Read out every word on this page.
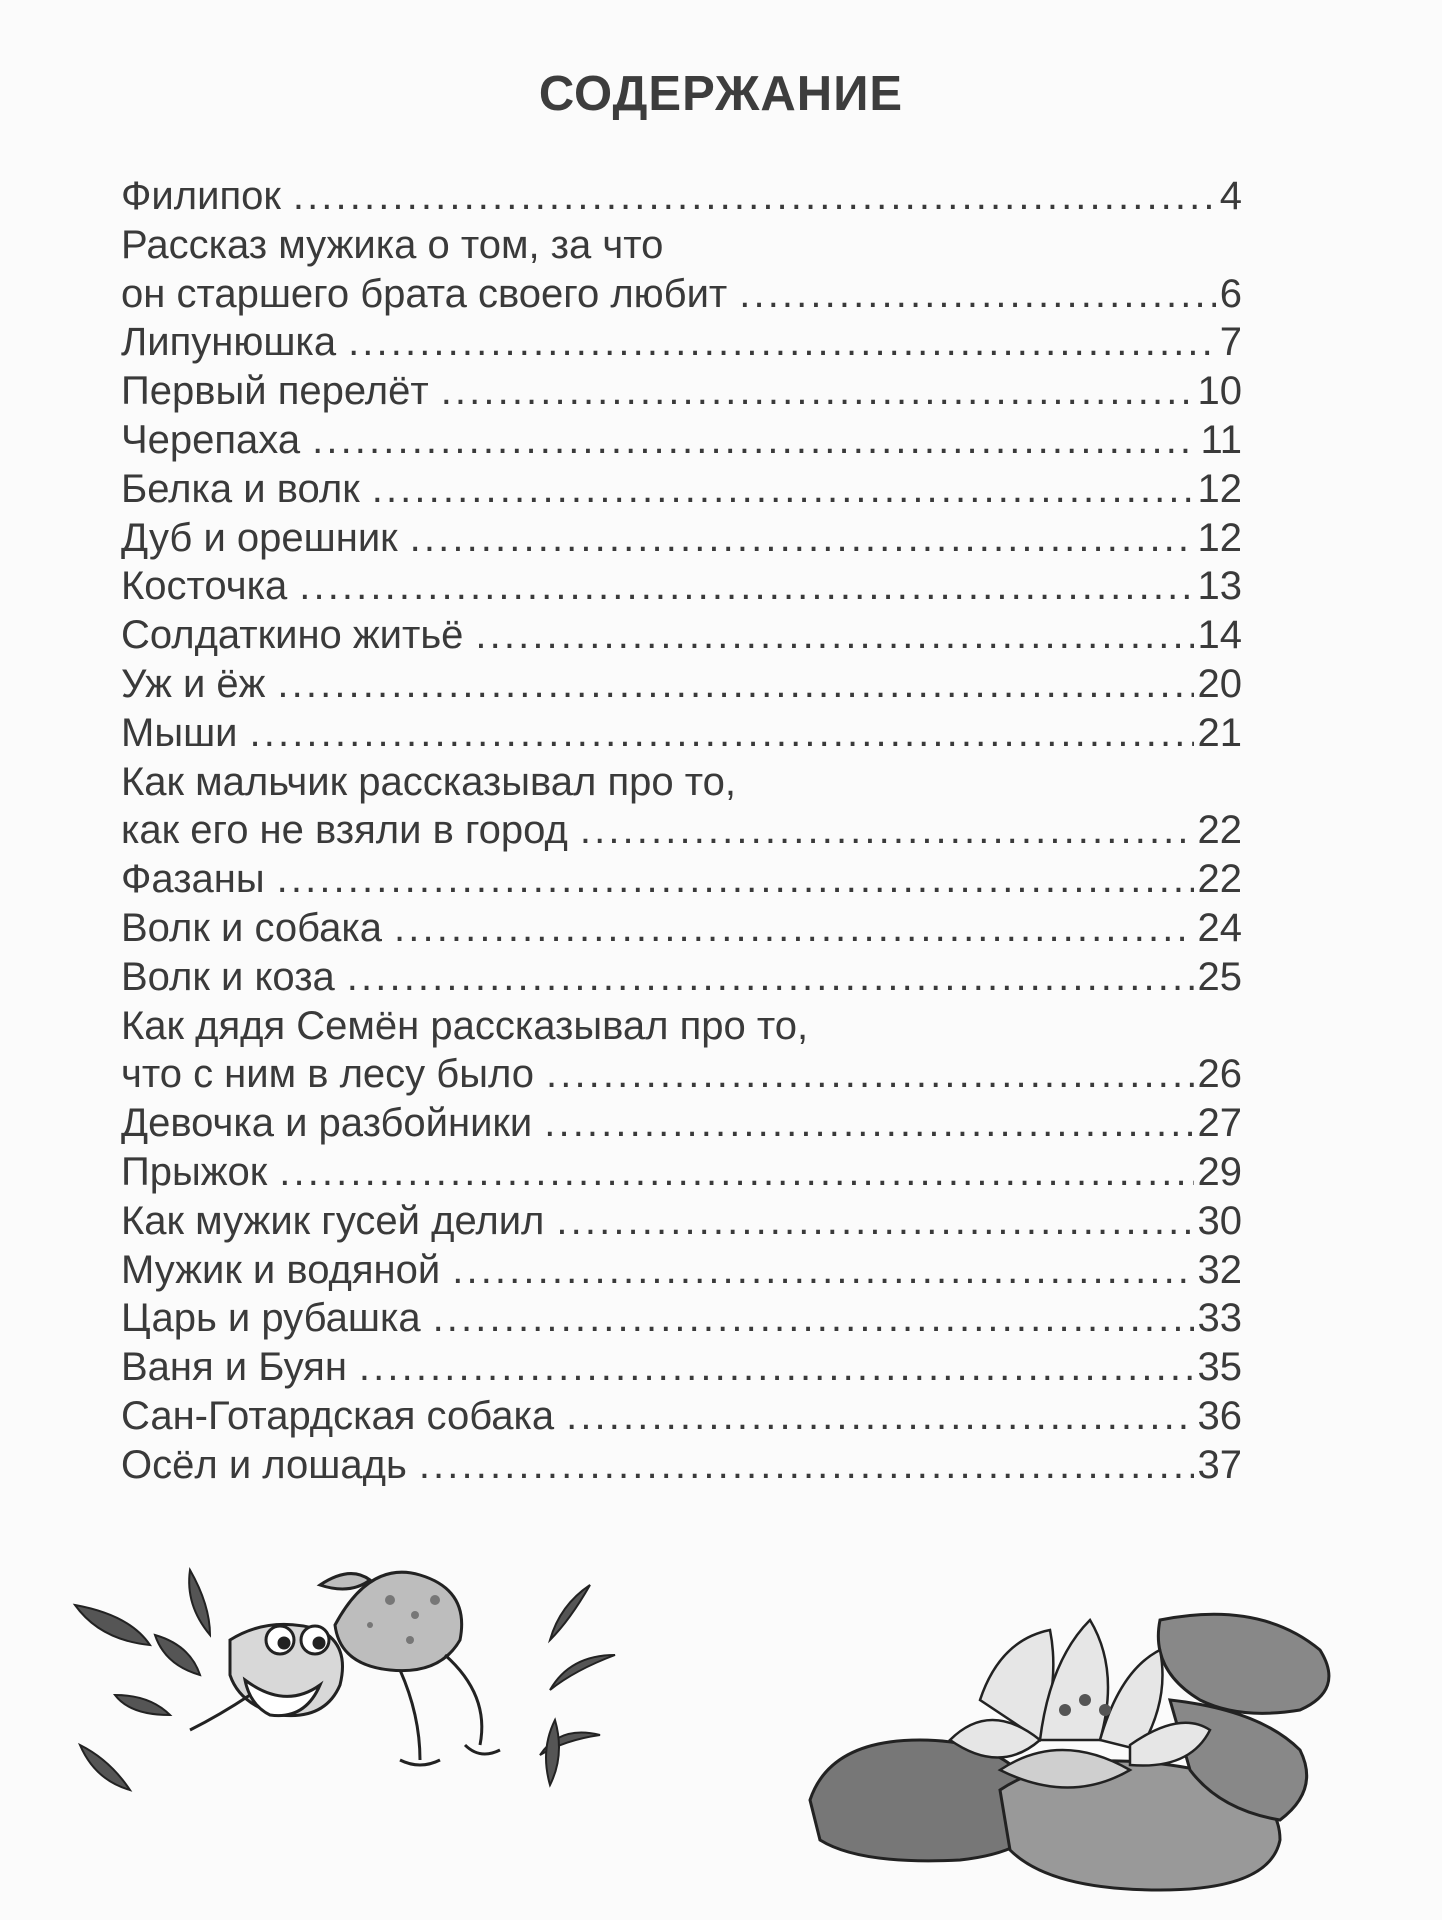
СОДЕРЖАНИЕ
Филипок . . .	4
Рассказ мужика о том, за что
он старшего брата своего любит . . .	6
Липунюшка . . .	7
Первый перелёт . . .	10
Черепаха . . .	11
Белка и волк . . .	12
Дуб и орешник . . .	12
Косточка . . .	13
Солдаткино житьё . . .	14
Уж и ёж . . .	20
Мыши . . .	21
Как мальчик рассказывал про то,
как его не взяли в город . . .	22
Фазаны . . .	22
Волк и собака . . .	24
Волк и коза . . .	25
Как дядя Семён рассказывал про то,
что с ним в лесу было . . .	26
Девочка и разбойники . . .	27
Прыжок . . .	29
Как мужик гусей делил . . .	30
Мужик и водяной . . .	32
Царь и рубашка . . .	33
Ваня и Буян . . .	35
Сан-Готардская собака . . .	36
Осёл и лошадь . . .	37
